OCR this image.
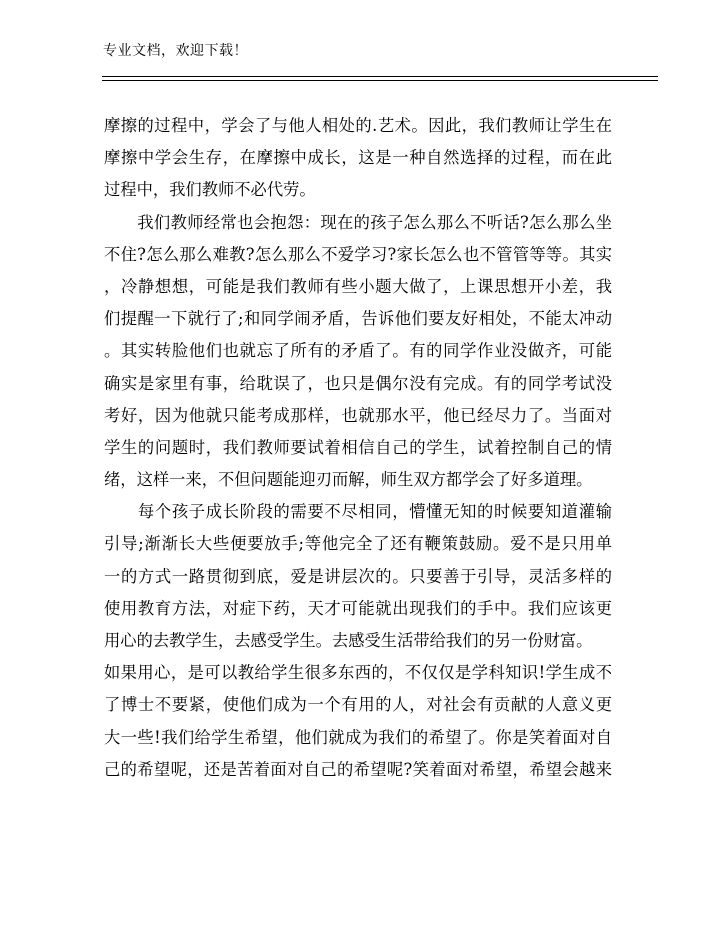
专业文档，欢迎下载！
摩擦的过程中，学会了与他人相处的.艺术。因此，我们教师让学生在
摩擦中学会生存，在摩擦中成长，这是一种自然选择的过程，而在此
过程中，我们教师不必代劳。
　　我们教师经常也会抱怨：现在的孩子怎么那么不听话?怎么那么坐
不住?怎么那么难教?怎么那么不爱学习?家长怎么也不管管等等。其实
，冷静想想，可能是我们教师有些小题大做了，上课思想开小差，我
们提醒一下就行了;和同学闹矛盾，告诉他们要友好相处，不能太冲动
。其实转脸他们也就忘了所有的矛盾了。有的同学作业没做齐，可能
确实是家里有事，给耽误了，也只是偶尔没有完成。有的同学考试没
考好，因为他就只能考成那样，也就那水平，他已经尽力了。当面对
学生的问题时，我们教师要试着相信自己的学生，试着控制自己的情
绪，这样一来，不但问题能迎刃而解，师生双方都学会了好多道理。
　　每个孩子成长阶段的需要不尽相同，懵懂无知的时候要知道灌输
引导;渐渐长大些便要放手;等他完全了还有鞭策鼓励。爱不是只用单
一的方式一路贯彻到底，爱是讲层次的。只要善于引导，灵活多样的
使用教育方法，对症下药，天才可能就出现我们的手中。我们应该更
用心的去教学生，去感受学生。去感受生活带给我们的另一份财富。
如果用心，是可以教给学生很多东西的，不仅仅是学科知识!学生成不
了博士不要紧，使他们成为一个有用的人，对社会有贡献的人意义更
大一些!我们给学生希望，他们就成为我们的希望了。你是笑着面对自
己的希望呢，还是苦着面对自己的希望呢?笑着面对希望，希望会越来
